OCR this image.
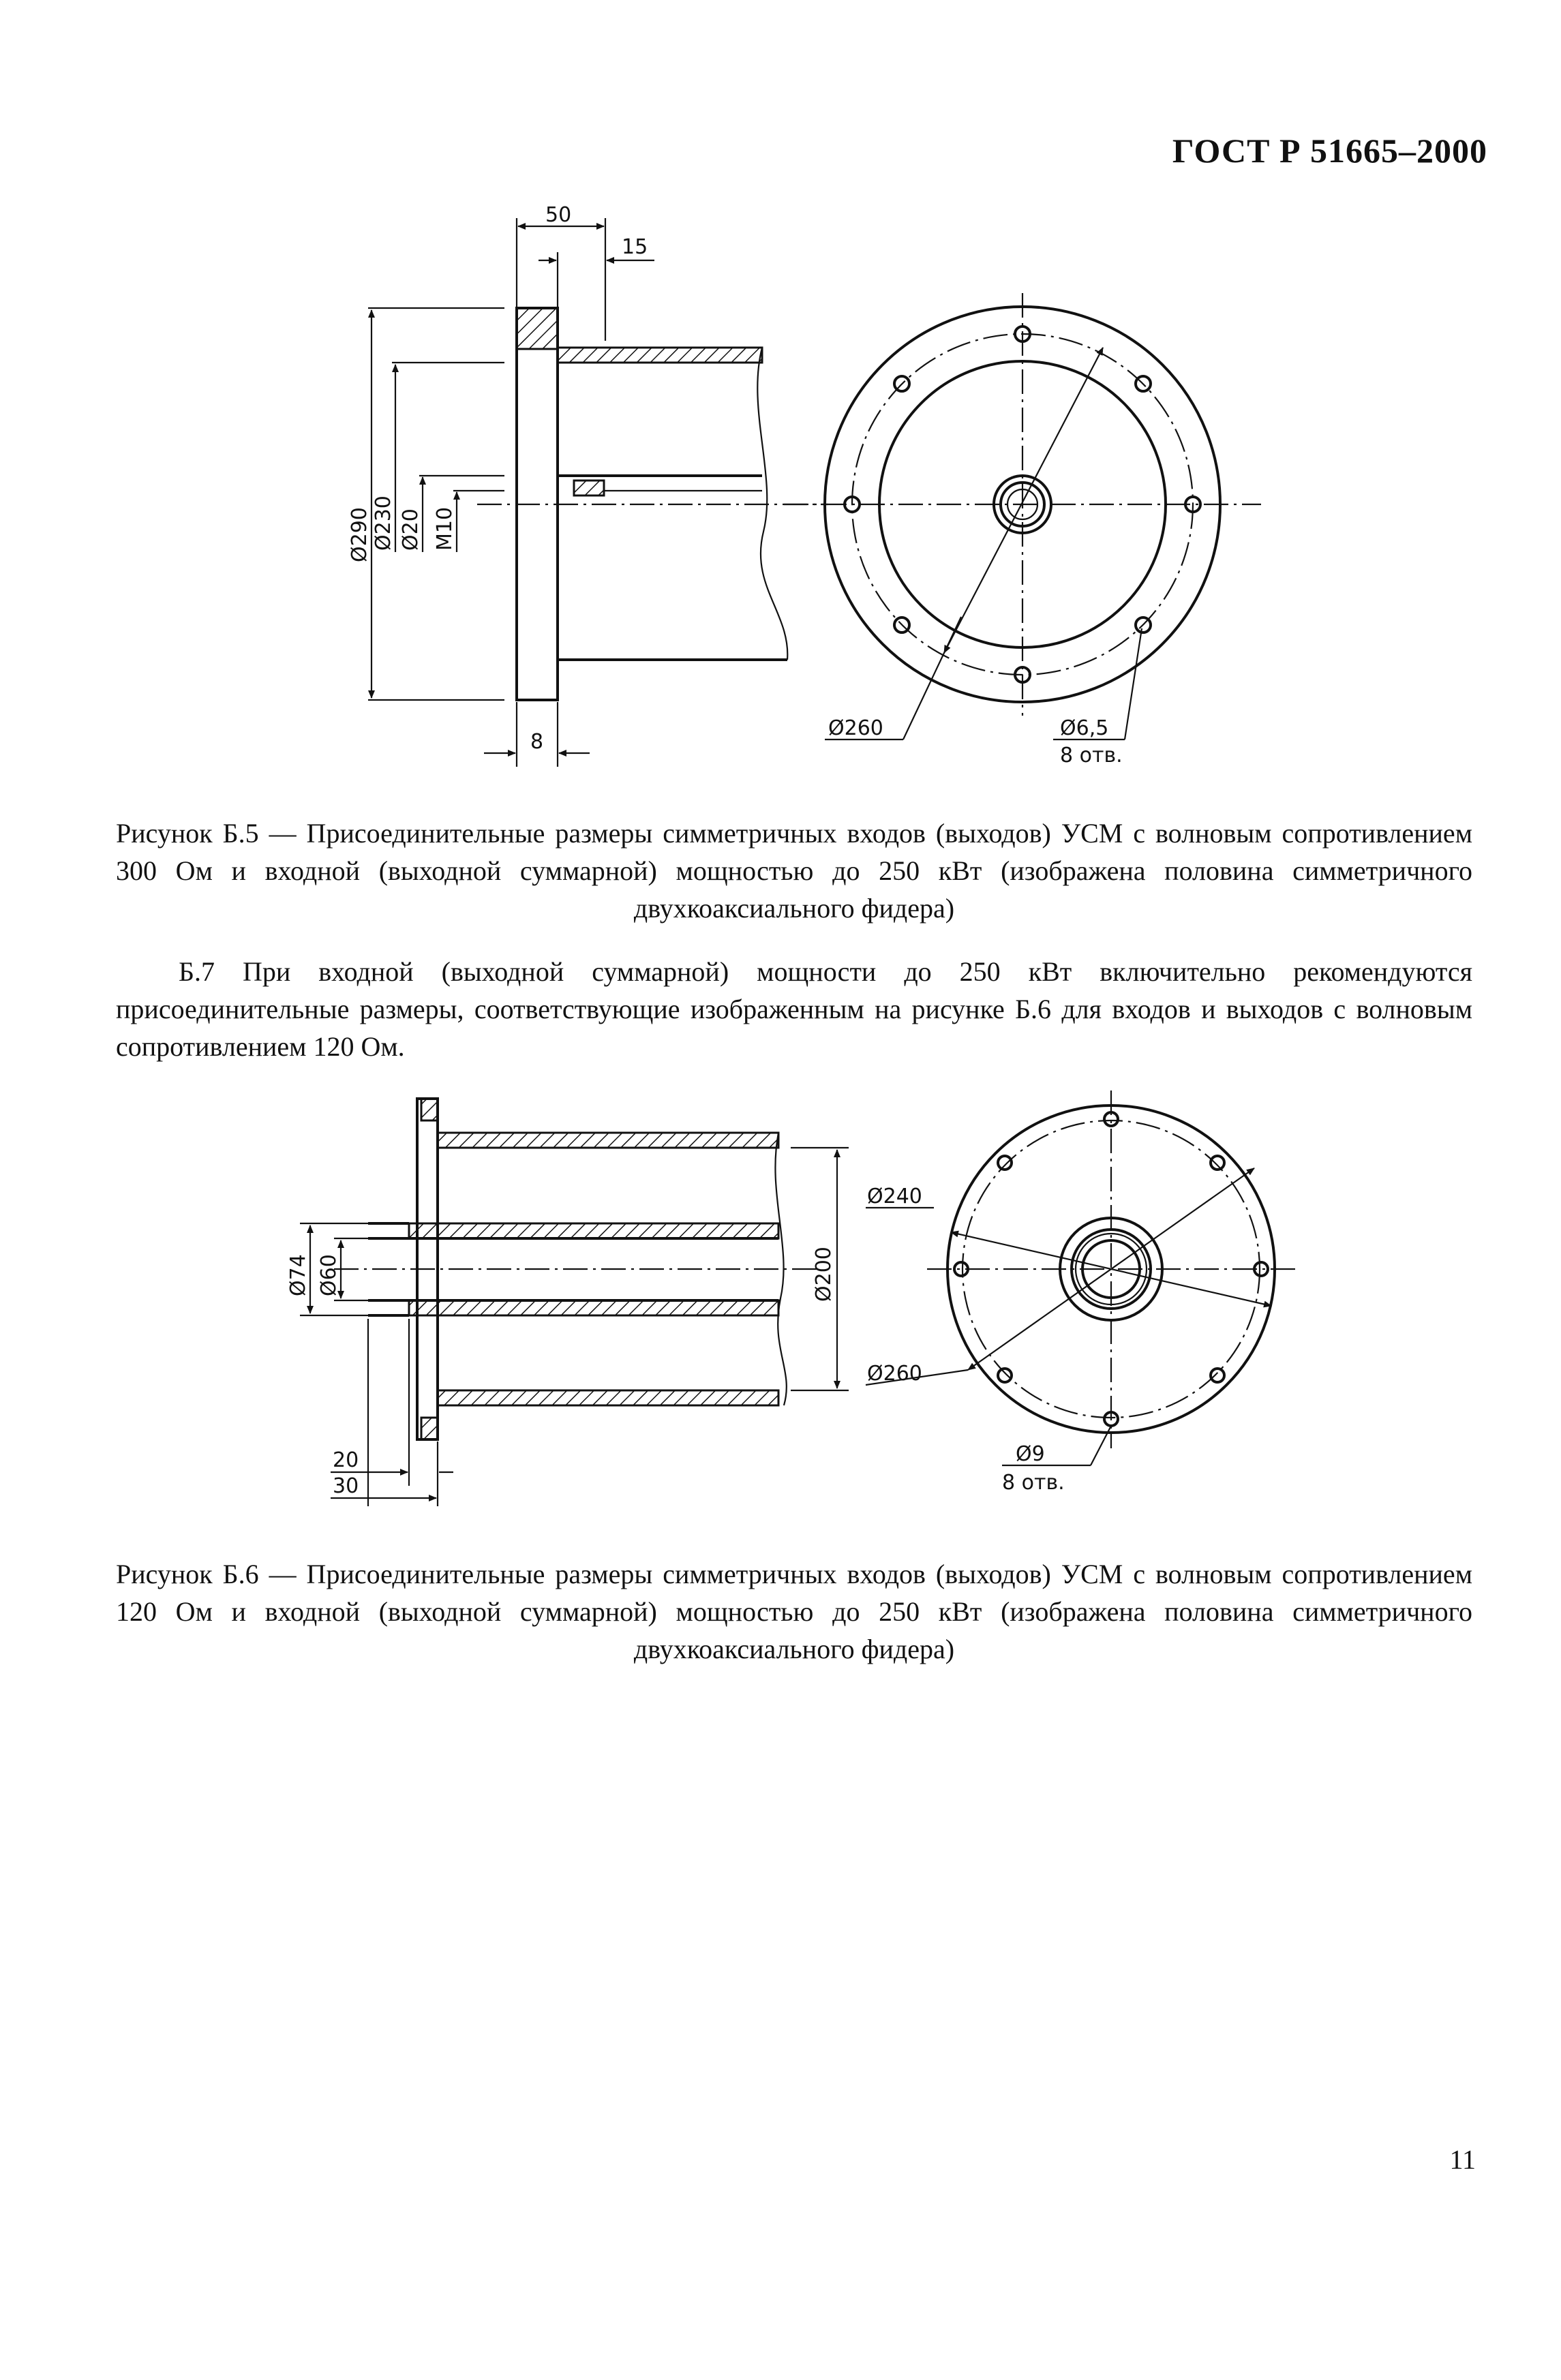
ГОСТ Р 51665–2000
Ø290 Ø230 Ø20 M10
50
15
8
Ø260	Ø6,5
8 отв.
Рисунок Б.5 — Присоединительные размеры симметричных входов (выходов) УСМ с волновым сопротивлением 300 Ом и входной (выходной суммарной) мощностью до 250 кВт (изображена половина симметричного двухкоаксиального фидера)
Б.7 При входной (выходной суммарной) мощности до 250 кВт включительно рекомендуются присоединительные размеры, соответствующие изображенным на рисунке Б.6 для входов и выходов с волновым сопротивлением 120 Ом.
Ø74 Ø60	Ø200
20
30
Ø240
Ø260
Ø9
8 отв.
Рисунок Б.6 — Присоединительные размеры симметричных входов (выходов) УСМ с волновым сопротивлением 120 Ом и входной (выходной суммарной) мощностью до 250 кВт (изображена половина симметричного двухкоаксиального фидера)
11
